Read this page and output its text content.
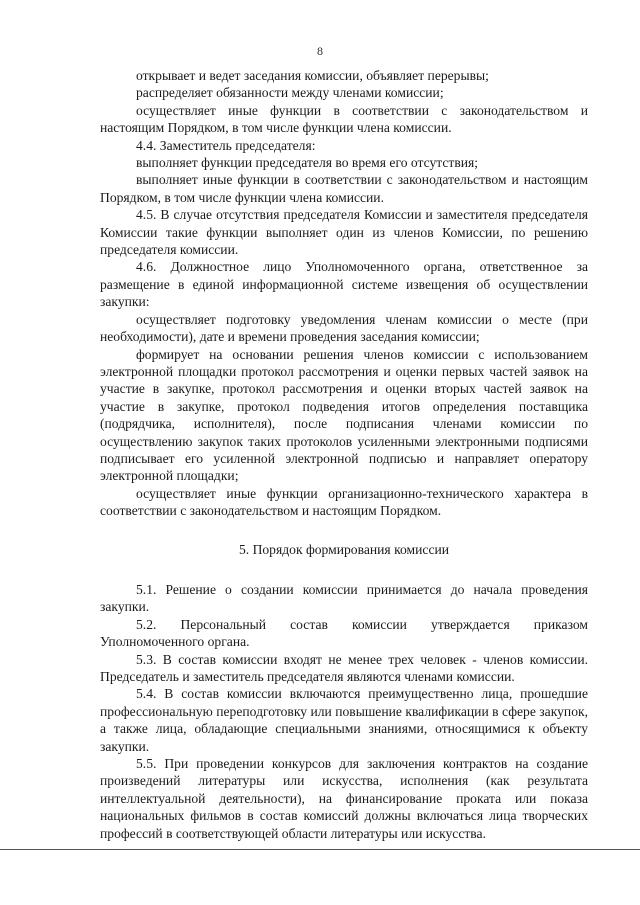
8

открывает и ведет заседания комиссии, объявляет перерывы;

распределяет обязанности между членами комиссии;

осуществляет иные функции в соответствии с законодательством и настоящим Порядком, в том числе функции члена комиссии.

4.4. Заместитель председателя:

выполняет функции председателя во время его отсутствия;

выполняет иные функции в соответствии с законодательством и настоящим Порядком, в том числе функции члена комиссии.

4.5. В случае отсутствия председателя Комиссии и заместителя председателя Комиссии такие функции выполняет один из членов Комиссии, по решению председателя комиссии.

4.6. Должностное лицо Уполномоченного органа, ответственное за размещение в единой информационной системе извещения об осуществлении закупки:

осуществляет подготовку уведомления членам комиссии о месте (при необходимости), дате и времени проведения заседания комиссии;

формирует на основании решения членов комиссии с использованием электронной площадки протокол рассмотрения и оценки первых частей заявок на участие в закупке, протокол рассмотрения и оценки вторых частей заявок на участие в закупке, протокол подведения итогов определения поставщика (подрядчика, исполнителя), после подписания членами комиссии по осуществлению закупок таких протоколов усиленными электронными подписями подписывает его усиленной электронной подписью и направляет оператору электронной площадки;

осуществляет иные функции организационно-технического характера в соответствии с законодательством и настоящим Порядком.

5. Порядок формирования комиссии

5.1. Решение о создании комиссии принимается до начала проведения закупки.

5.2. Персональный состав комиссии утверждается приказом Уполномоченного органа.

5.3. В состав комиссии входят не менее трех человек - членов комиссии. Председатель и заместитель председателя являются членами комиссии.

5.4. В состав комиссии включаются преимущественно лица, прошедшие профессиональную переподготовку или повышение квалификации в сфере закупок, а также лица, обладающие специальными знаниями, относящимися к объекту закупки.

5.5. При проведении конкурсов для заключения контрактов на создание произведений литературы или искусства, исполнения (как результата интеллектуальной деятельности), на финансирование проката или показа национальных фильмов в состав комиссий должны включаться лица творческих профессий в соответствующей области литературы или искусства.
